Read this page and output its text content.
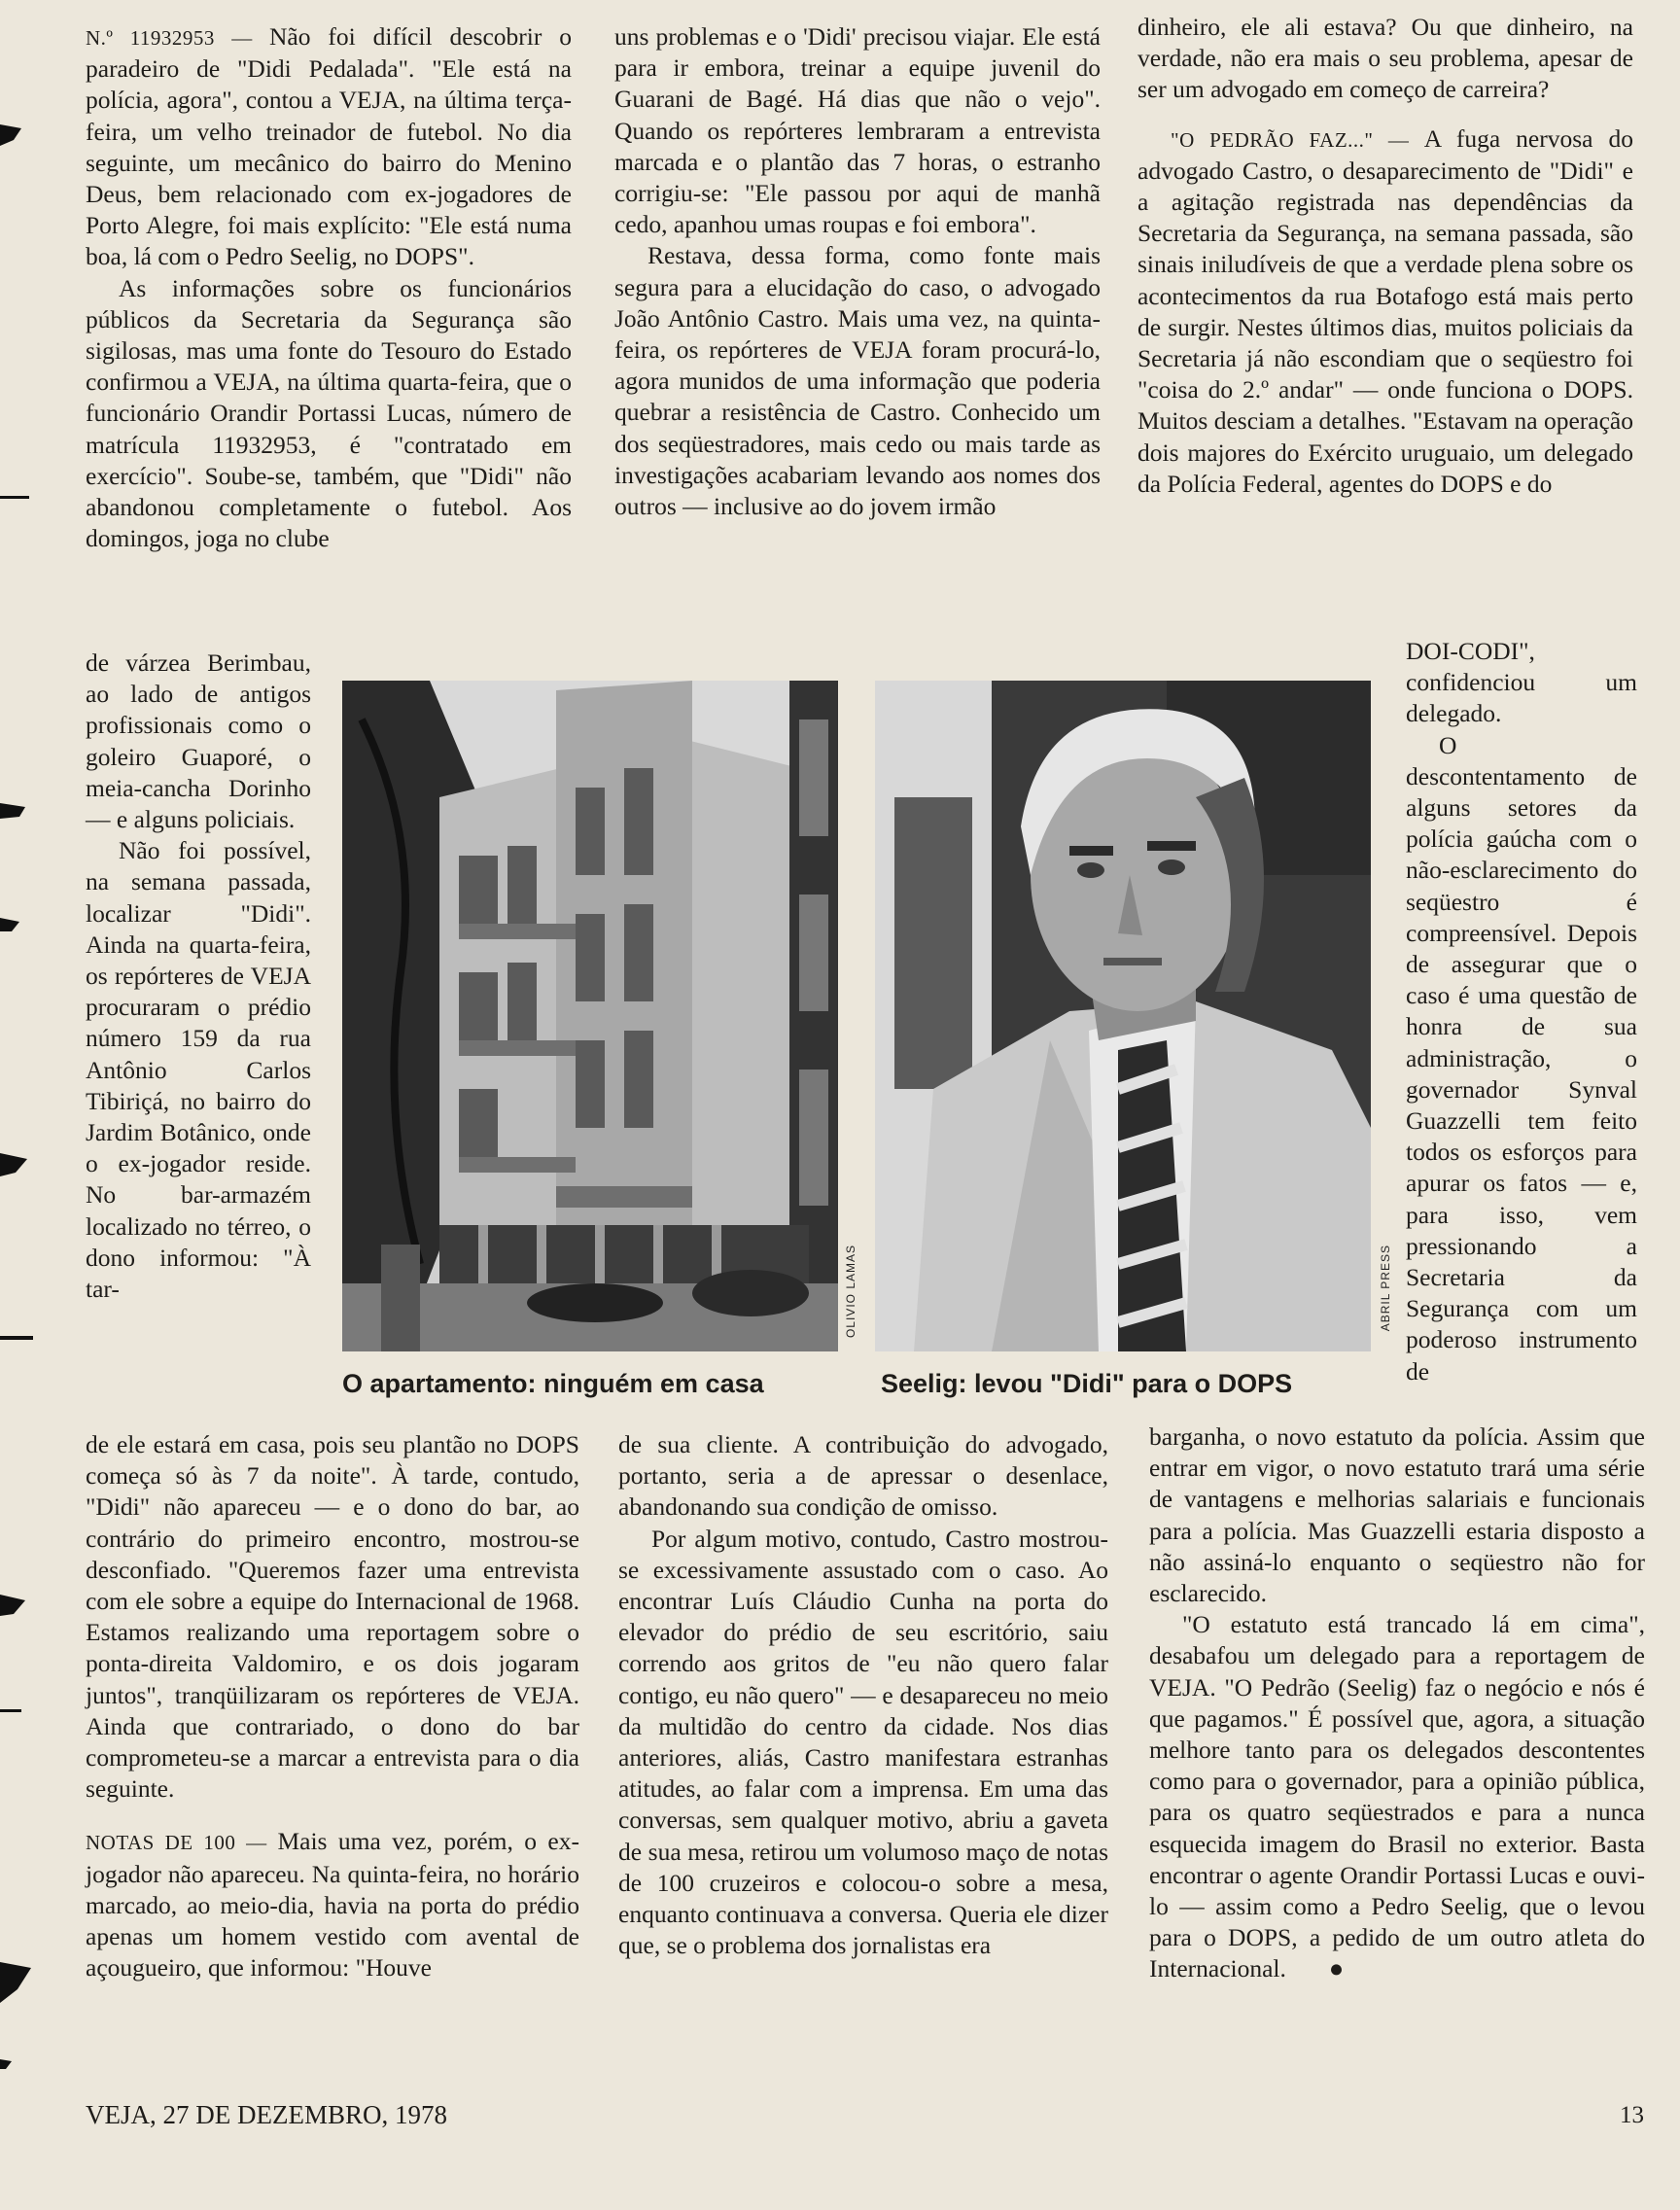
N.º 11932953 — Não foi difícil descobrir o paradeiro de "Didi Pedalada". "Ele está na polícia, agora", contou a VEJA, na última terça-feira, um velho treinador de futebol. No dia seguinte, um mecânico do bairro do Menino Deus, bem relacionado com ex-jogadores de Porto Alegre, foi mais explícito: "Ele está numa boa, lá com o Pedro Seelig, no DOPS".

As informações sobre os funcionários públicos da Secretaria da Segurança são sigilosas, mas uma fonte do Tesouro do Estado confirmou a VEJA, na última quarta-feira, que o funcionário Orandir Portassi Lucas, número de matrícula 11932953, é "contratado em exercício". Soube-se, também, que "Didi" não abandonou completamente o futebol. Aos domingos, joga no clube

de várzea Berimbau, ao lado de antigos profissionais como o goleiro Guaporé, o meia-cancha Dorinho — e alguns policiais.

Não foi possível, na semana passada, localizar "Didi". Ainda na quarta-feira, os repórteres de VEJA procuraram o prédio número 159 da rua Antônio Carlos Tibiriçá, no bairro do Jardim Botânico, onde o ex-jogador reside. No bar-armazém localizado no térreo, o dono informou: "À tar-

de ele estará em casa, pois seu plantão no DOPS começa só às 7 da noite". À tarde, contudo, "Didi" não apareceu — e o dono do bar, ao contrário do primeiro encontro, mostrou-se desconfiado. "Queremos fazer uma entrevista com ele sobre a equipe do Internacional de 1968. Estamos realizando uma reportagem sobre o ponta-direita Valdomiro, e os dois jogaram juntos", tranqüilizaram os repórteres de VEJA. Ainda que contrariado, o dono do bar comprometeu-se a marcar a entrevista para o dia seguinte.

NOTAS DE 100 — Mais uma vez, porém, o ex-jogador não apareceu. Na quinta-feira, no horário marcado, ao meio-dia, havia na porta do prédio apenas um homem vestido com avental de açougueiro, que informou: "Houve

uns problemas e o 'Didi' precisou viajar. Ele está para ir embora, treinar a equipe juvenil do Guarani de Bagé. Há dias que não o vejo". Quando os repórteres lembraram a entrevista marcada e o plantão das 7 horas, o estranho corrigiu-se: "Ele passou por aqui de manhã cedo, apanhou umas roupas e foi embora".

Restava, dessa forma, como fonte mais segura para a elucidação do caso, o advogado João Antônio Castro. Mais uma vez, na quinta-feira, os repórteres de VEJA foram procurá-lo, agora munidos de uma informação que poderia quebrar a resistência de Castro. Conhecido um dos seqüestradores, mais cedo ou mais tarde as investigações acabariam levando aos nomes dos outros — inclusive ao do jovem irmão

de sua cliente. A contribuição do advogado, portanto, seria a de apressar o desenlace, abandonando sua condição de omisso.

Por algum motivo, contudo, Castro mostrou-se excessivamente assustado com o caso. Ao encontrar Luís Cláudio Cunha na porta do elevador do prédio de seu escritório, saiu correndo aos gritos de "eu não quero falar contigo, eu não quero" — e desapareceu no meio da multidão do centro da cidade. Nos dias anteriores, aliás, Castro manifestara estranhas atitudes, ao falar com a imprensa. Em uma das conversas, sem qualquer motivo, abriu a gaveta de sua mesa, retirou um volumoso maço de notas de 100 cruzeiros e colocou-o sobre a mesa, enquanto continuava a conversa. Queria ele dizer que, se o problema dos jornalistas era

dinheiro, ele ali estava? Ou que dinheiro, na verdade, não era mais o seu problema, apesar de ser um advogado em começo de carreira?

"O PEDRÃO FAZ..." — A fuga nervosa do advogado Castro, o desaparecimento de "Didi" e a agitação registrada nas dependências da Secretaria da Segurança, na semana passada, são sinais iniludíveis de que a verdade plena sobre os acontecimentos da rua Botafogo está mais perto de surgir. Nestes últimos dias, muitos policiais da Secretaria já não escondiam que o seqüestro foi "coisa do 2.º andar" — onde funciona o DOPS. Muitos desciam a detalhes. "Estavam na operação dois majores do Exército uruguaio, um delegado da Polícia Federal, agentes do DOPS e do

DOI-CODI", confidenciou um delegado.

O descontentamento de alguns setores da polícia gaúcha com o não-esclarecimento do seqüestro é compreensível. Depois de assegurar que o caso é uma questão de honra de sua administração, o governador Synval Guazzelli tem feito todos os esforços para apurar os fatos — e, para isso, vem pressionando a Secretaria da Segurança com um poderoso instrumento de

barganha, o novo estatuto da polícia. Assim que entrar em vigor, o novo estatuto trará uma série de vantagens e melhorias salariais e funcionais para a polícia. Mas Guazzelli estaria disposto a não assiná-lo enquanto o seqüestro não for esclarecido.

"O estatuto está trancado lá em cima", desabafou um delegado para a reportagem de VEJA. "O Pedrão (Seelig) faz o negócio e nós é que pagamos." É possível que, agora, a situação melhore tanto para os delegados descontentes como para o governador, para a opinião pública, para os quatro seqüestrados e para a nunca esquecida imagem do Brasil no exterior. Basta encontrar o agente Orandir Portassi Lucas e ouvi-lo — assim como a Pedro Seelig, que o levou para o DOPS, a pedido de um outro atleta do Internacional. ●

OLIVIO LAMAS
O apartamento: ninguém em casa
ABRIL PRESS
Seelig: levou "Didi" para o DOPS
VEJA, 27 DE DEZEMBRO, 1978	13
